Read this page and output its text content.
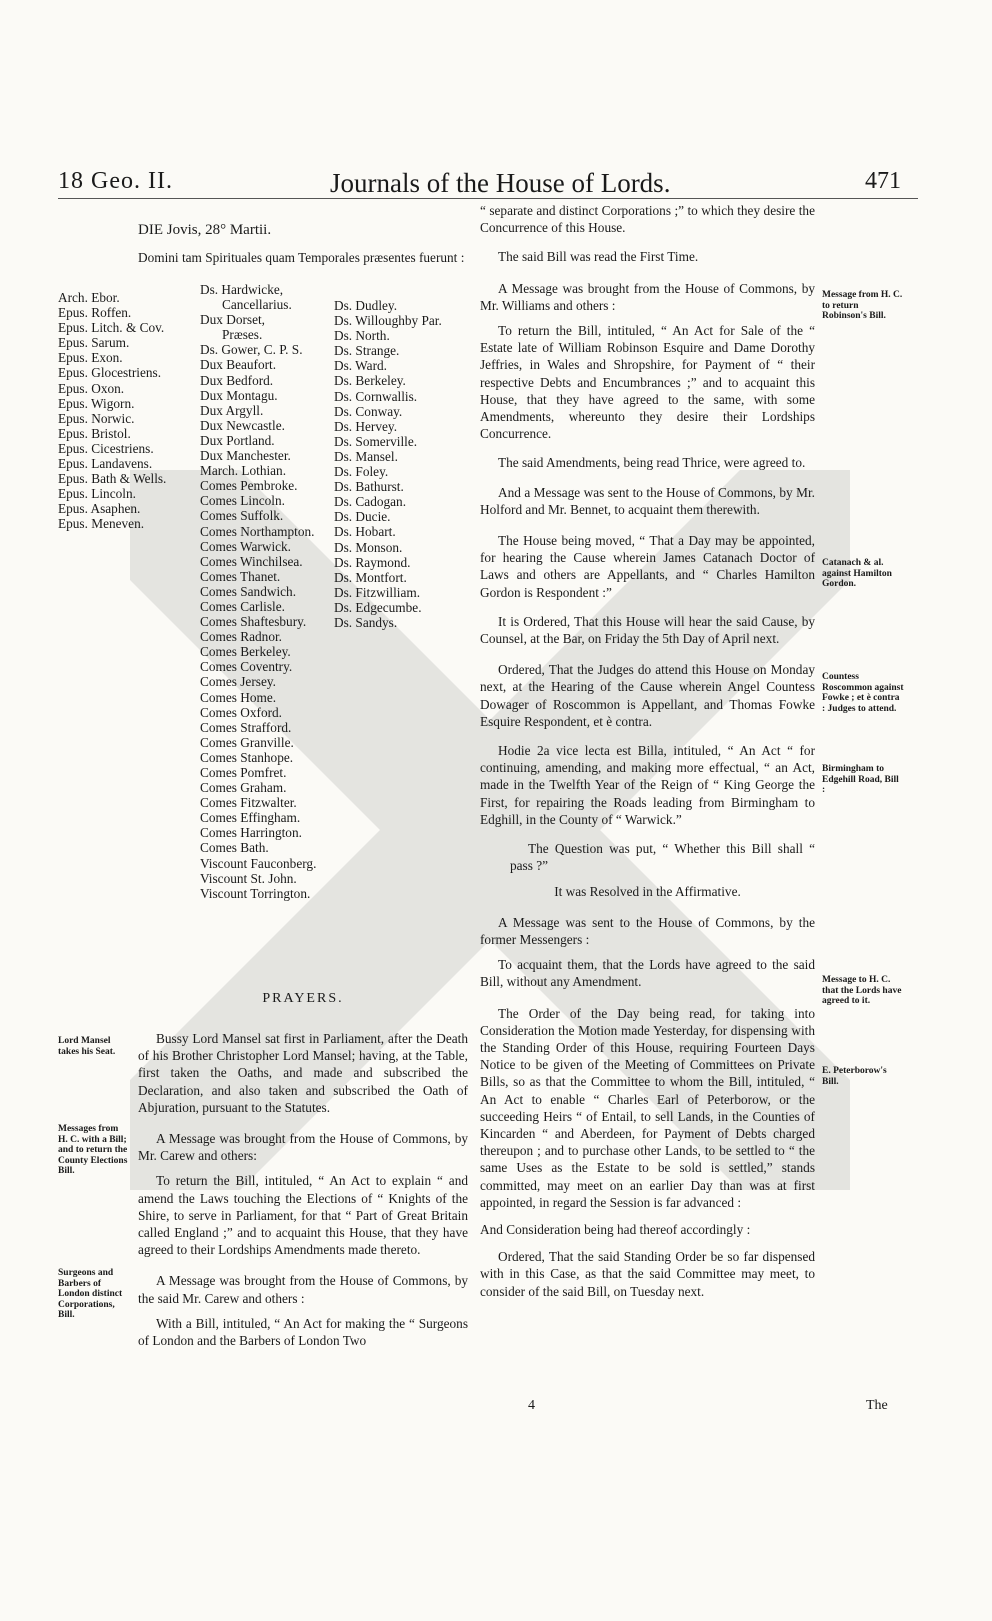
18 Geo. II.	Journals of the House of Lords.	471
DIE Jovis, 28° Martii.

Domini tam Spirituales quam Temporales præsentes fuerunt :

Arch. Ebor.
Epus. Roffen.
Epus. Litch. & Cov.
Epus. Sarum.
Epus. Exon.
Epus. Glocestriens.
Epus. Oxon.
Epus. Wigorn.
Epus. Norwic.
Epus. Bristol.
Epus. Cicestriens.
Epus. Landavens.
Epus. Bath & Wells.
Epus. Lincoln.
Epus. Asaphen.
Epus. Meneven.
Ds. Hardwicke,
Cancellarius.
Dux Dorset,
Præses.
Ds. Gower, C. P. S.
Dux Beaufort.
Dux Bedford.
Dux Montagu.
Dux Argyll.
Dux Newcastle.
Dux Portland.
Dux Manchester.
March. Lothian.
Comes Pembroke.
Comes Lincoln.
Comes Suffolk.
Comes Northampton.
Comes Warwick.
Comes Winchilsea.
Comes Thanet.
Comes Sandwich.
Comes Carlisle.
Comes Shaftesbury.
Comes Radnor.
Comes Berkeley.
Comes Coventry.
Comes Jersey.
Comes Home.
Comes Oxford.
Comes Strafford.
Comes Granville.
Comes Stanhope.
Comes Pomfret.
Comes Graham.
Comes Fitzwalter.
Comes Effingham.
Comes Harrington.
Comes Bath.
Viscount Fauconberg.
Viscount St. John.
Viscount Torrington.
Ds. Dudley.
Ds. Willoughby Par.
Ds. North.
Ds. Strange.
Ds. Ward.
Ds. Berkeley.
Ds. Cornwallis.
Ds. Conway.
Ds. Hervey.
Ds. Somerville.
Ds. Mansel.
Ds. Foley.
Ds. Bathurst.
Ds. Cadogan.
Ds. Ducie.
Ds. Hobart.
Ds. Monson.
Ds. Raymond.
Ds. Montfort.
Ds. Fitzwilliam.
Ds. Edgecumbe.
Ds. Sandys.

PRAYERS.

Lord Mansel takes his Seat.
Messages from H. C. with a Bill; and to return the County Elections Bill.
Surgeons and Barbers of London distinct Corporations, Bill.

Bussy Lord Mansel sat first in Parliament, after the Death of his Brother Christopher Lord Mansel; having, at the Table, first taken the Oaths, and made and subscribed the Declaration, and also taken and subscribed the Oath of Abjuration, pursuant to the Statutes.

A Message was brought from the House of Commons, by Mr. Carew and others:

To return the Bill, intituled, “ An Act to explain “ and amend the Laws touching the Elections of “ Knights of the Shire, to serve in Parliament, for that “ Part of Great Britain called England ;” and to acquaint this House, that they have agreed to their Lordships Amendments made thereto.

A Message was brought from the House of Commons, by the said Mr. Carew and others :

With a Bill, intituled, “ An Act for making the “ Surgeons of London and the Barbers of London Two

“ separate and distinct Corporations ;” to which they desire the Concurrence of this House.

The said Bill was read the First Time.

A Message was brought from the House of Commons, by Mr. Williams and others :

To return the Bill, intituled, “ An Act for Sale of the “ Estate late of William Robinson Esquire and Dame Dorothy Jeffries, in Wales and Shropshire, for Payment of “ their respective Debts and Encumbrances ;” and to acquaint this House, that they have agreed to the same, with some Amendments, whereunto they desire their Lordships Concurrence.

The said Amendments, being read Thrice, were agreed to.

And a Message was sent to the House of Commons, by Mr. Holford and Mr. Bennet, to acquaint them therewith.

The House being moved, “ That a Day may be appointed, for hearing the Cause wherein James Catanach Doctor of Laws and others are Appellants, and “ Charles Hamilton Gordon is Respondent :”

It is Ordered, That this House will hear the said Cause, by Counsel, at the Bar, on Friday the 5th Day of April next.

Ordered, That the Judges do attend this House on Monday next, at the Hearing of the Cause wherein Angel Countess Dowager of Roscommon is Appellant, and Thomas Fowke Esquire Respondent, et è contra.

Hodie 2a vice lecta est Billa, intituled, “ An Act “ for continuing, amending, and making more effectual, “ an Act, made in the Twelfth Year of the Reign of “ King George the First, for repairing the Roads leading from Birmingham to Edghill, in the County of “ Warwick.”

The Question was put, “ Whether this Bill shall “ pass ?”

It was Resolved in the Affirmative.

A Message was sent to the House of Commons, by the former Messengers :

To acquaint them, that the Lords have agreed to the said Bill, without any Amendment.

The Order of the Day being read, for taking into Consideration the Motion made Yesterday, for dispensing with the Standing Order of this House, requiring Fourteen Days Notice to be given of the Meeting of Committees on Private Bills, so as that the Committee to whom the Bill, intituled, “ An Act to enable “ Charles Earl of Peterborow, or the succeeding Heirs “ of Entail, to sell Lands, in the Counties of Kincarden “ and Aberdeen, for Payment of Debts charged thereupon ; and to purchase other Lands, to be settled to “ the same Uses as the Estate to be sold is settled,” stands committed, may meet on an earlier Day than was at first appointed, in regard the Session is far advanced :

And Consideration being had thereof accordingly :

Ordered, That the said Standing Order be so far dispensed with in this Case, as that the said Committee may meet, to consider of the said Bill, on Tuesday next.

Message from H. C. to return Robinson's Bill.
Catanach & al. against Hamilton Gordon.
Countess Roscommon against Fowke ; et è contra : Judges to attend.
Birmingham to Edgehill Road, Bill :
Message to H. C. that the Lords have agreed to it.
E. Peterborow's Bill.
4	The
